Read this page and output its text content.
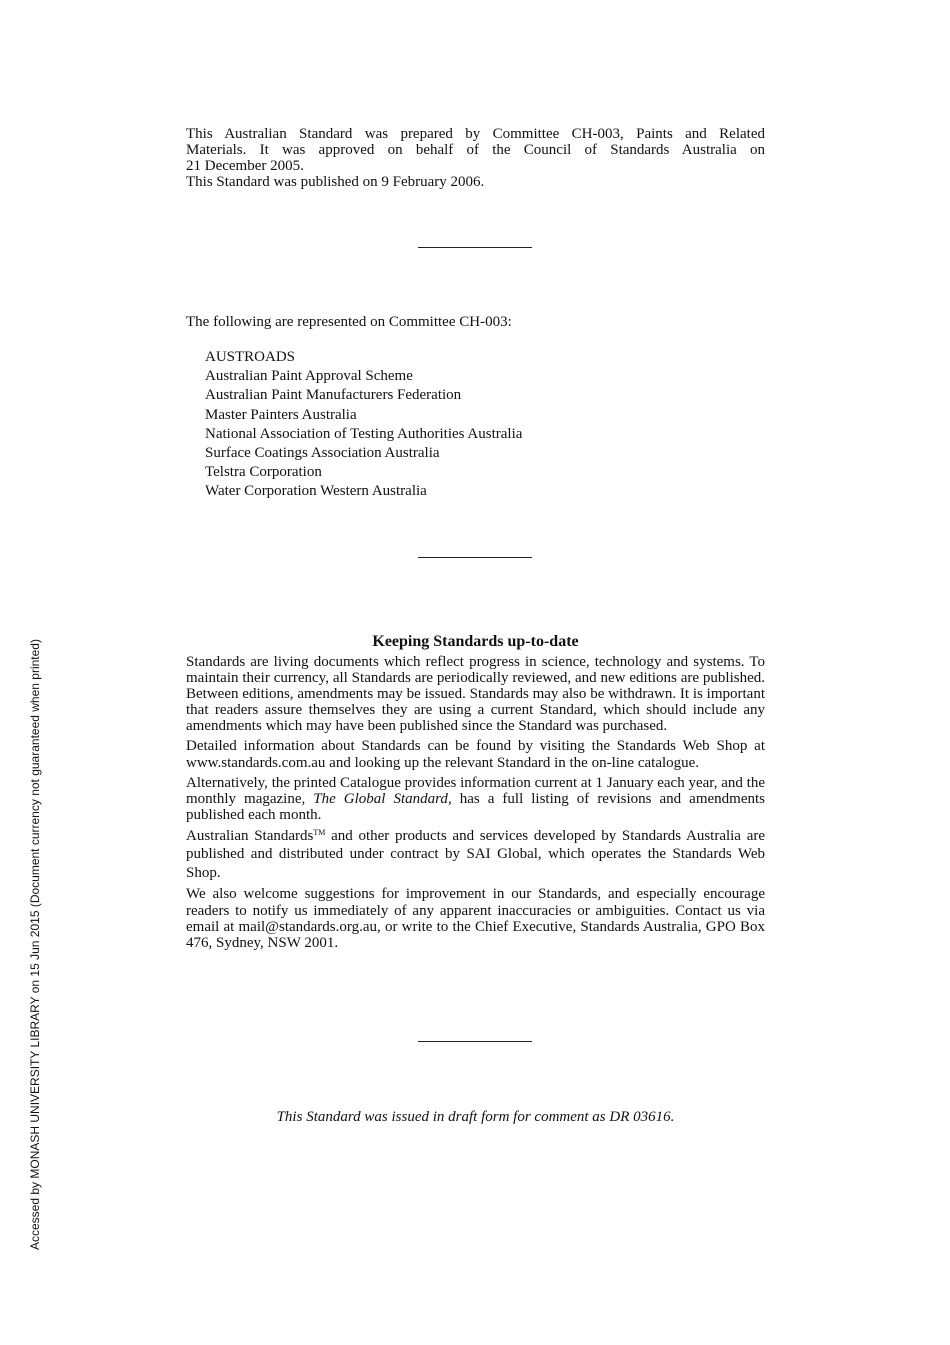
This Australian Standard was prepared by Committee CH-003, Paints and Related
Materials. It was approved on behalf of the Council of Standards Australia on
21 December 2005.
This Standard was published on 9 February 2006.
The following are represented on Committee CH-003:
AUSTROADS
Australian Paint Approval Scheme
Australian Paint Manufacturers Federation
Master Painters Australia
National Association of Testing Authorities Australia
Surface Coatings Association Australia
Telstra Corporation
Water Corporation Western Australia
Keeping Standards up-to-date

Standards are living documents which reflect progress in science, technology and systems. To maintain their currency, all Standards are periodically reviewed, and new editions are published. Between editions, amendments may be issued. Standards may also be withdrawn. It is important that readers assure themselves they are using a current Standard, which should include any amendments which may have been published since the Standard was purchased.

Detailed information about Standards can be found by visiting the Standards Web Shop at www.standards.com.au and looking up the relevant Standard in the on-line catalogue.

Alternatively, the printed Catalogue provides information current at 1 January each year, and the monthly magazine, The Global Standard, has a full listing of revisions and amendments published each month.

Australian Standards™ and other products and services developed by Standards Australia are published and distributed under contract by SAI Global, which operates the Standards Web Shop.

We also welcome suggestions for improvement in our Standards, and especially encourage readers to notify us immediately of any apparent inaccuracies or ambiguities. Contact us via email at mail@standards.org.au, or write to the Chief Executive, Standards Australia, GPO Box 476, Sydney, NSW 2001.

This Standard was issued in draft form for comment as DR 03616.
Accessed by MONASH UNIVERSITY LIBRARY on 15 Jun 2015 (Document currency not guaranteed when printed)
